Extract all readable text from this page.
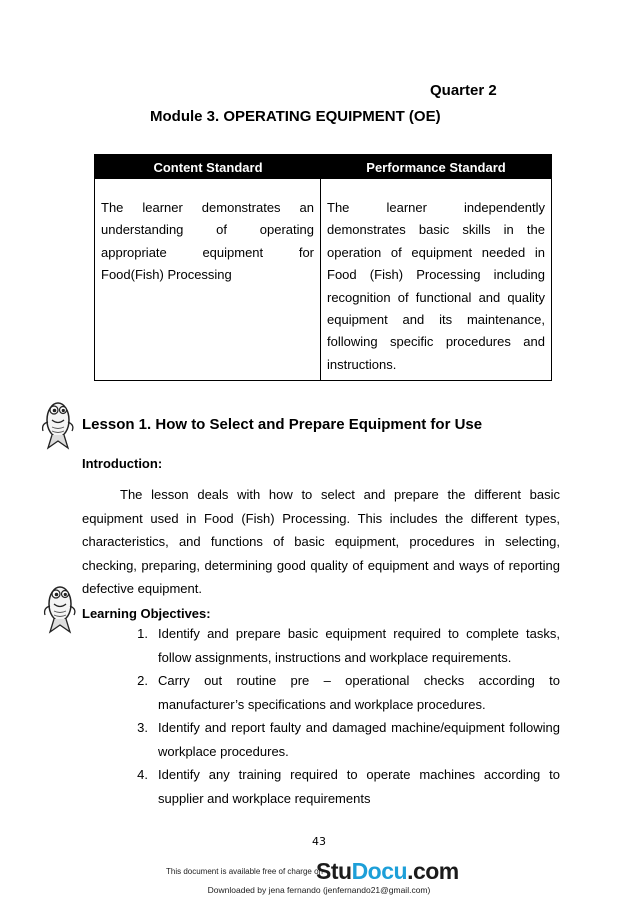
Quarter 2
Module 3. OPERATING EQUIPMENT (OE)
Content Standard	Performance Standard
The learner demonstrates an understanding of operating appropriate equipment for Food(Fish) Processing
The learner independently demonstrates basic skills in the operation of equipment needed in Food (Fish) Processing including recognition of functional and quality equipment and its maintenance, following specific procedures and instructions.
Lesson 1. How to Select and Prepare Equipment for Use
Introduction:
The lesson deals with how to select and prepare the different basic equipment used in Food (Fish) Processing. This includes the different types, characteristics, and functions of basic equipment, procedures in selecting, checking, preparing, determining good quality of equipment and ways of reporting defective equipment.
Learning Objectives:
1. Identify and prepare basic equipment required to complete tasks, follow assignments, instructions and workplace requirements.
2. Carry out routine pre – operational checks according to manufacturer’s specifications and workplace procedures.
3. Identify and report faulty and damaged machine/equipment following workplace procedures.
4. Identify any training required to operate machines according to supplier and workplace requirements
43
This document is available free of charge on
StuDocu.com
Downloaded by jena fernando (jenfernando21@gmail.com)
